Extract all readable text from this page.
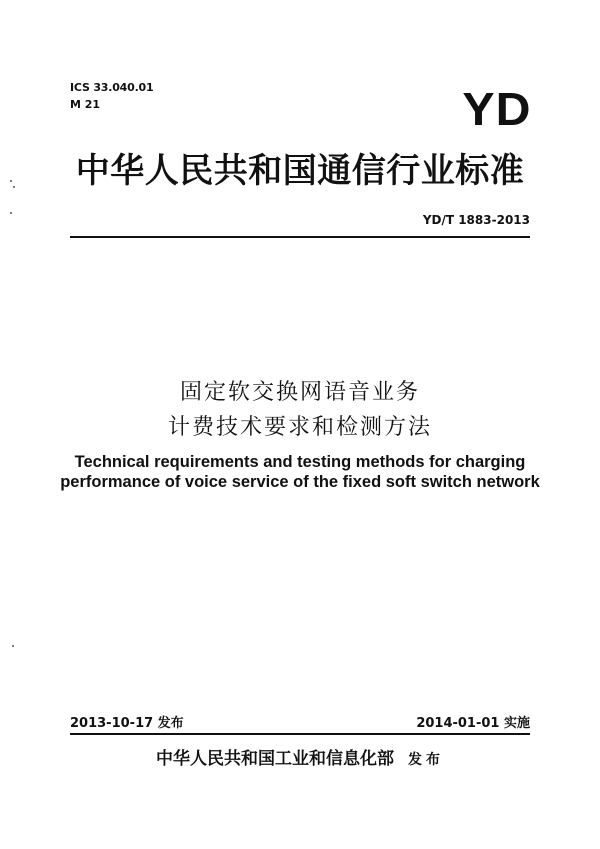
ICS 33.040.01
M 21	YD
中华人民共和国通信行业标准
YD/T 1883-2013
固定软交换网语音业务
计费技术要求和检测方法
Technical requirements and testing methods for charging
performance of voice service of the fixed soft switch network
2013-10-17 发布	2014-01-01 实施
中华人民共和国工业和信息化部 发布
